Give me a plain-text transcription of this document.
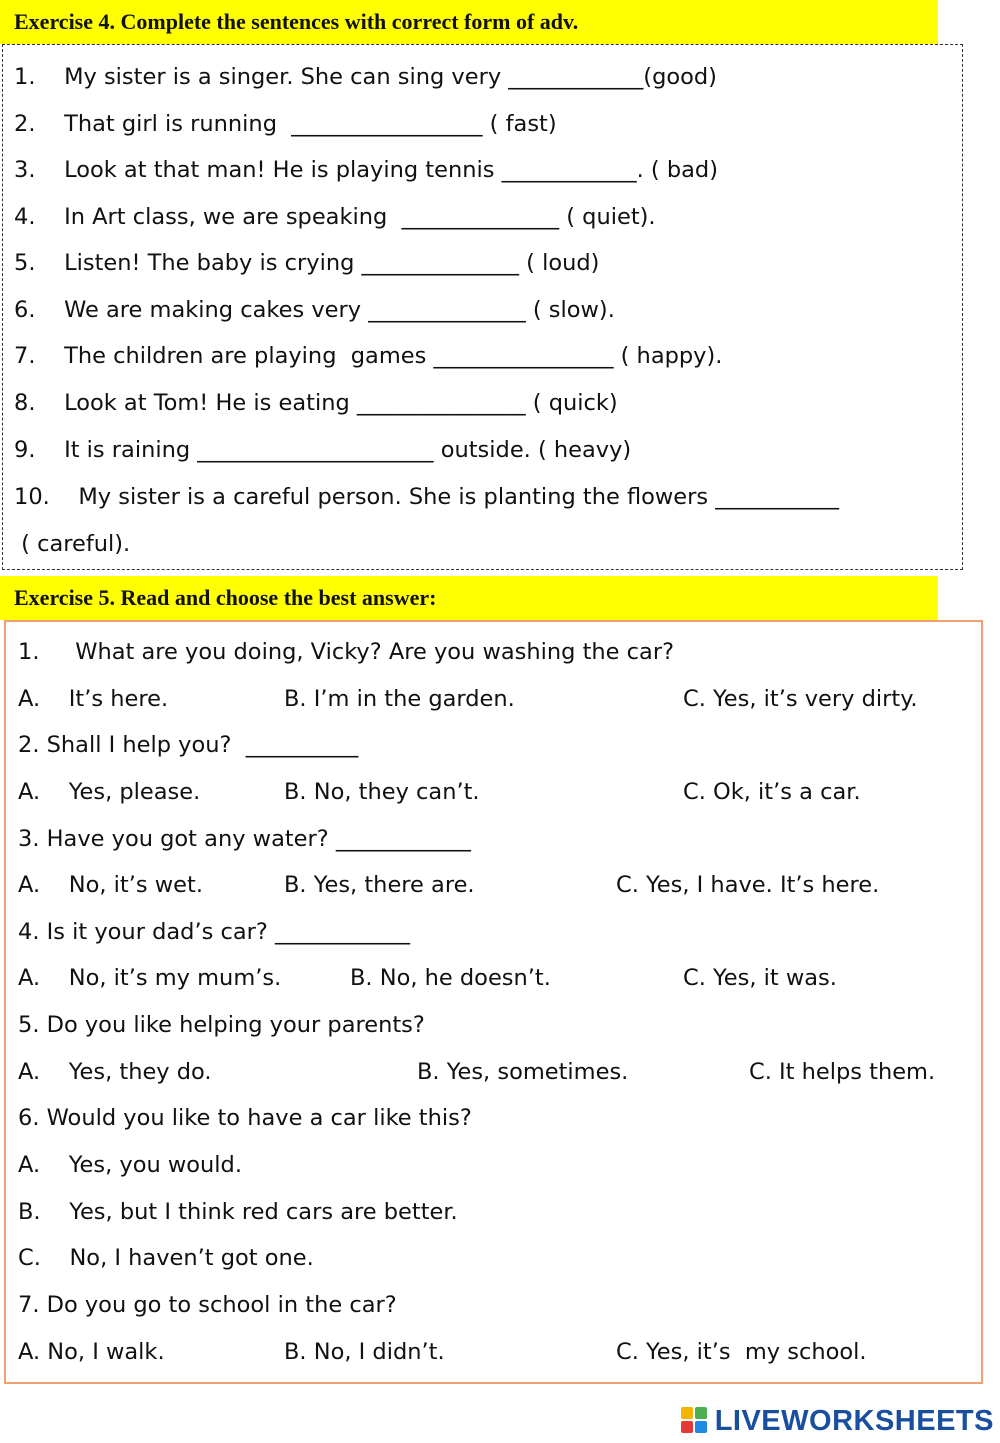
Exercise 4. Complete the sentences with correct form of adv.
1.    My sister is a singer. She can sing very ____________(good)
2.    That girl is running  _________________ ( fast)
3.    Look at that man! He is playing tennis ____________. ( bad)
4.    In Art class, we are speaking  ______________ ( quiet).
5.    Listen! The baby is crying ______________ ( loud)
6.    We are making cakes very ______________ ( slow).
7.    The children are playing  games ________________ ( happy).
8.    Look at Tom! He is eating _______________ ( quick)
9.    It is raining _____________________ outside. ( heavy)
10.    My sister is a careful person. She is planting the flowers ___________
( careful).
Exercise 5. Read and choose the best answer:
1.     What are you doing, Vicky? Are you washing the car?
A.    It’s here.	B. I’m in the garden.	C. Yes, it’s very dirty.
2. Shall I help you?  __________
A.    Yes, please.	B. No, they can’t.	C. Ok, it’s a car.
3. Have you got any water? ____________
A.    No, it’s wet.	B. Yes, there are.	C. Yes, I have. It’s here.
4. Is it your dad’s car? ____________
A.    No, it’s my mum’s.	B. No, he doesn’t.	C. Yes, it was.
5. Do you like helping your parents?
A.    Yes, they do.	B. Yes, sometimes.	C. It helps them.
6. Would you like to have a car like this?
A.    Yes, you would.
B.    Yes, but I think red cars are better.
C.    No, I haven’t got one.
7. Do you go to school in the car?
A. No, I walk.	B. No, I didn’t.	C. Yes, it’s  my school.
LIVEWORKSHEETS
